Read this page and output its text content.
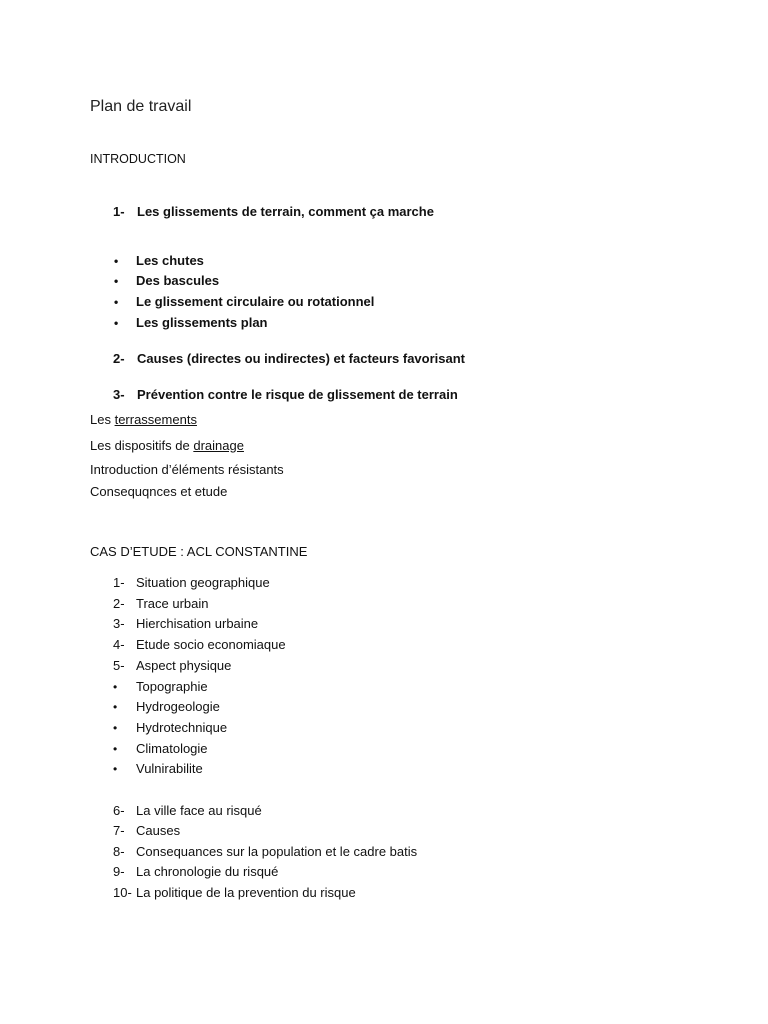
Plan de travail
INTRODUCTION
1- Les glissements de terrain, comment ça marche
• Les chutes
• Des bascules
• Le glissement circulaire ou rotationnel
• Les glissements plan
2- Causes (directes ou indirectes) et facteurs favorisant
3- Prévention contre le risque de glissement de terrain
Les terrassements
Les dispositifs de drainage
Introduction d’éléments résistants
Consequqnces et etude
CAS D’ETUDE : ACL CONSTANTINE
1- Situation geographique
2- Trace urbain
3- Hierchisation urbaine
4- Etude socio economiaque
5- Aspect physique
• Topographie
• Hydrogeologie
• Hydrotechnique
• Climatologie
• Vulnirabilite
6- La ville face au risqué
7- Causes
8- Consequances sur la population et le cadre batis
9- La chronologie du risqué
10- La politique de la prevention du risque
